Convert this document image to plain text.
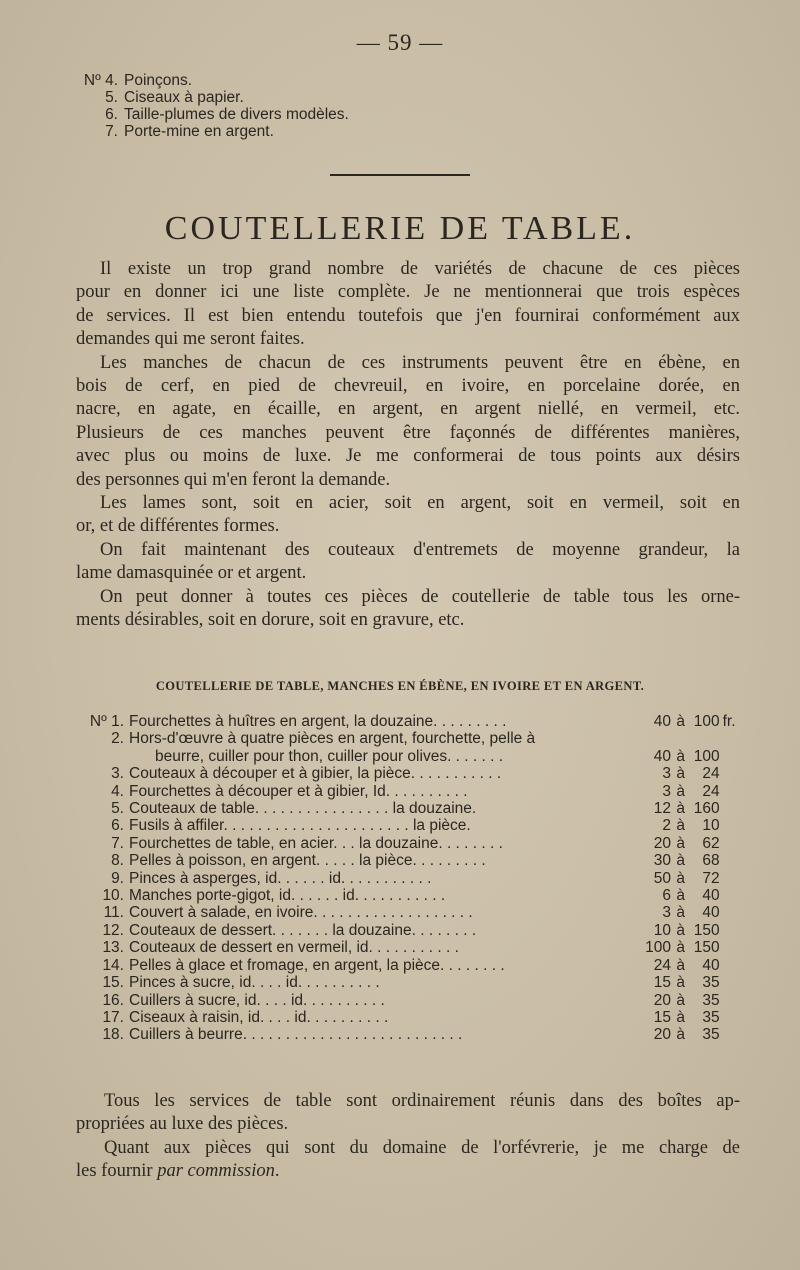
— 59 —
Nº 4. Poinçons.
5. Ciseaux à papier.
6. Taille-plumes de divers modèles.
7. Porte-mine en argent.
COUTELLERIE DE TABLE.

Il existe un trop grand nombre de variétés de chacune de ces pièces
pour en donner ici une liste complète. Je ne mentionnerai que trois espèces
de services. Il est bien entendu toutefois que j'en fournirai conformément aux
demandes qui me seront faites.

Les manches de chacun de ces instruments peuvent être en ébène, en
bois de cerf, en pied de chevreuil, en ivoire, en porcelaine dorée, en
nacre, en agate, en écaille, en argent, en argent niellé, en vermeil, etc.
Plusieurs de ces manches peuvent être façonnés de différentes manières,
avec plus ou moins de luxe. Je me conformerai de tous points aux désirs
des personnes qui m'en feront la demande.

Les lames sont, soit en acier, soit en argent, soit en vermeil, soit en
or, et de différentes formes.

On fait maintenant des couteaux d'entremets de moyenne grandeur, la
lame damasquinée or et argent.

On peut donner à toutes ces pièces de coutellerie de table tous les orne-
ments désirables, soit en dorure, soit en gravure, etc.

COUTELLERIE DE TABLE, MANCHES EN ÉBÈNE, EN IVOIRE ET EN ARGENT.
Nº 1. Fourchettes à huîtres en argent, la douzaine. . . . . . . . .	40 à 100 fr.
2. Hors-d'œuvre à quatre pièces en argent, fourchette, pelle à
beurre, cuiller pour thon, cuiller pour olives. . . . . . .	40 à 100
3. Couteaux à découper et à gibier, la pièce. . . . . . . . . . .	3 à	24
4. Fourchettes à découper et à gibier, Id. . . . . . . . . .	3 à	24
5. Couteaux de table. . . . . . . . . . . . . . . . la douzaine.	12 à 160
6. Fusils à affiler. . . . . . . . . . . . . . . . . . . . . . la pièce.	2 à	10
7. Fourchettes de table, en acier. . . la douzaine. . . . . . . .	20 à	62
8. Pelles à poisson, en argent. . . . . la pièce. . . . . . . . .	30 à	68
9. Pinces à asperges, id. . . . . . id. . . . . . . . . . .	50 à	72
10. Manches porte-gigot, id. . . . . . id. . . . . . . . . . .	6 à	40
11. Couvert à salade, en ivoire. . . . . . . . . . . . . . . . . . .	3 à	40
12. Couteaux de dessert. . . . . . . la douzaine. . . . . . . .	10 à 150
13. Couteaux de dessert en vermeil, id. . . . . . . . . . .	100 à 150
14. Pelles à glace et fromage, en argent, la pièce. . . . . . . .	24 à	40
15. Pinces à sucre, id. . . . id. . . . . . . . . .	15 à	35
16. Cuillers à sucre, id. . . . id. . . . . . . . . .	20 à	35
17. Ciseaux à raisin, id. . . . id. . . . . . . . . .	15 à	35
18. Cuillers à beurre. . . . . . . . . . . . . . . . . . . . . . . . . .	20 à	35

Tous les services de table sont ordinairement réunis dans des boîtes ap-
propriées au luxe des pièces.

Quant aux pièces qui sont du domaine de l'orfévrerie, je me charge de
les fournir par commission.
